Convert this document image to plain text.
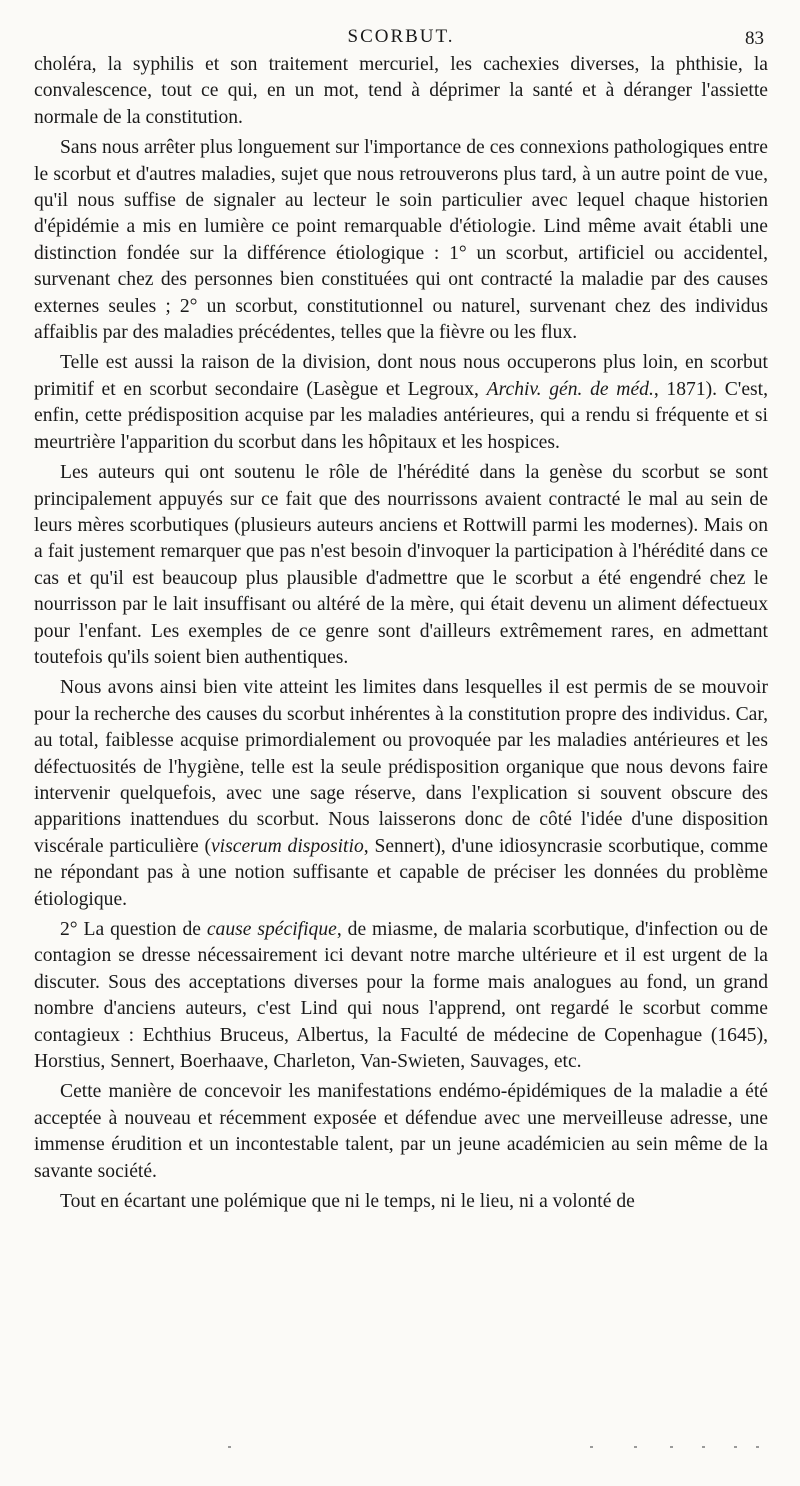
SCORBUT.	83

choléra, la syphilis et son traitement mercuriel, les cachexies diverses, la phthisie, la convalescence, tout ce qui, en un mot, tend à déprimer la santé et à déranger l'assiette normale de la constitution.

Sans nous arrêter plus longuement sur l'importance de ces connexions pathologiques entre le scorbut et d'autres maladies, sujet que nous retrouverons plus tard, à un autre point de vue, qu'il nous suffise de signaler au lecteur le soin particulier avec lequel chaque historien d'épidémie a mis en lumière ce point remarquable d'étiologie. Lind même avait établi une distinction fondée sur la différence étiologique : 1° un scorbut, artificiel ou accidentel, survenant chez des personnes bien constituées qui ont contracté la maladie par des causes externes seules ; 2° un scorbut, constitutionnel ou naturel, survenant chez des individus affaiblis par des maladies précédentes, telles que la fièvre ou les flux.

Telle est aussi la raison de la division, dont nous nous occuperons plus loin, en scorbut primitif et en scorbut secondaire (Lasègue et Legroux, Archiv. gén. de méd., 1871). C'est, enfin, cette prédisposition acquise par les maladies antérieures, qui a rendu si fréquente et si meurtrière l'apparition du scorbut dans les hôpitaux et les hospices.

Les auteurs qui ont soutenu le rôle de l'hérédité dans la genèse du scorbut se sont principalement appuyés sur ce fait que des nourrissons avaient contracté le mal au sein de leurs mères scorbutiques (plusieurs auteurs anciens et Rottwill parmi les modernes). Mais on a fait justement remarquer que pas n'est besoin d'invoquer la participation à l'hérédité dans ce cas et qu'il est beaucoup plus plausible d'admettre que le scorbut a été engendré chez le nourrisson par le lait insuffisant ou altéré de la mère, qui était devenu un aliment défectueux pour l'enfant. Les exemples de ce genre sont d'ailleurs extrêmement rares, en admettant toutefois qu'ils soient bien authentiques.

Nous avons ainsi bien vite atteint les limites dans lesquelles il est permis de se mouvoir pour la recherche des causes du scorbut inhérentes à la constitution propre des individus. Car, au total, faiblesse acquise primordialement ou provoquée par les maladies antérieures et les défectuosités de l'hygiène, telle est la seule prédisposition organique que nous devons faire intervenir quelquefois, avec une sage réserve, dans l'explication si souvent obscure des apparitions inattendues du scorbut. Nous laisserons donc de côté l'idée d'une disposition viscérale particulière (viscerum dispositio, Sennert), d'une idiosyncrasie scorbutique, comme ne répondant pas à une notion suffisante et capable de préciser les données du problème étiologique.

2° La question de cause spécifique, de miasme, de malaria scorbutique, d'infection ou de contagion se dresse nécessairement ici devant notre marche ultérieure et il est urgent de la discuter. Sous des acceptations diverses pour la forme mais analogues au fond, un grand nombre d'anciens auteurs, c'est Lind qui nous l'apprend, ont regardé le scorbut comme contagieux : Echthius Bruceus, Albertus, la Faculté de médecine de Copenhague (1645), Horstius, Sennert, Boerhaave, Charleton, Van-Swieten, Sauvages, etc.

Cette manière de concevoir les manifestations endémo-épidémiques de la maladie a été acceptée à nouveau et récemment exposée et défendue avec une merveilleuse adresse, une immense érudition et un incontestable talent, par un jeune académicien au sein même de la savante société.

Tout en écartant une polémique que ni le temps, ni le lieu, ni a volonté de
